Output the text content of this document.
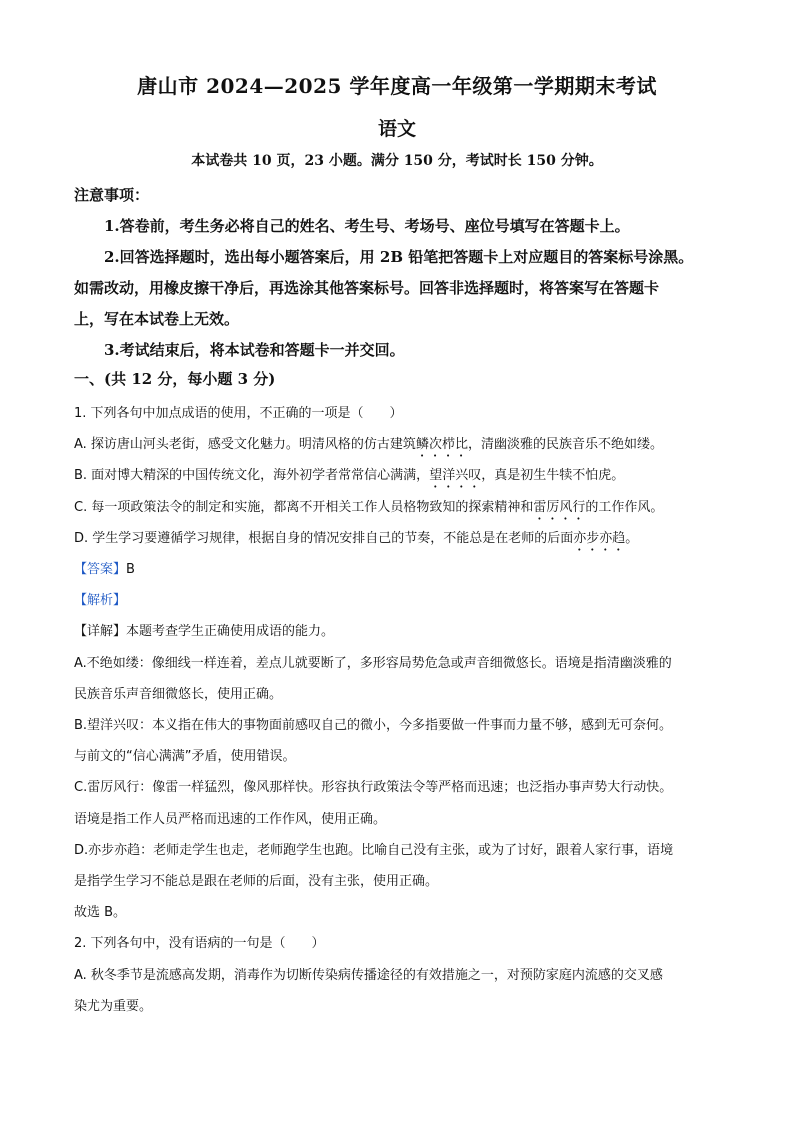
唐山市 2024—2025 学年度高一年级第一学期期末考试
语文
本试卷共 10 页，23 小题。满分 150 分，考试时长 150 分钟。

注意事项：

1.答卷前，考生务必将自己的姓名、考生号、考场号、座位号填写在答题卡上。

2.回答选择题时，选出每小题答案后，用 2B 铅笔把答题卡上对应题目的答案标号涂黑。

如需改动，用橡皮擦干净后，再选涂其他答案标号。回答非选择题时，将答案写在答题卡

上，写在本试卷上无效。

3.考试结束后，将本试卷和答题卡一并交回。

一、(共 12 分，每小题 3 分)

1. 下列各句中加点成语的使用，不正确的一项是（　　）

A. 探访唐山河头老街，感受文化魅力。明清风格的仿古建筑鳞次栉比，清幽淡雅的民族音乐不绝如缕。

B. 面对博大精深的中国传统文化，海外初学者常常信心满满，望洋兴叹，真是初生牛犊不怕虎。

C. 每一项政策法令的制定和实施，都离不开相关工作人员格物致知的探索精神和雷厉风行的工作作风。

D. 学生学习要遵循学习规律，根据自身的情况安排自己的节奏，不能总是在老师的后面亦步亦趋。

【答案】B

【解析】

【详解】本题考查学生正确使用成语的能力。

A.不绝如缕：像细线一样连着，差点儿就要断了，多形容局势危急或声音细微悠长。语境是指清幽淡雅的

民族音乐声音细微悠长，使用正确。

B.望洋兴叹：本义指在伟大的事物面前感叹自己的微小，今多指要做一件事而力量不够，感到无可奈何。

与前文的“信心满满”矛盾，使用错误。

C.雷厉风行：像雷一样猛烈，像风那样快。形容执行政策法令等严格而迅速；也泛指办事声势大行动快。

语境是指工作人员严格而迅速的工作作风，使用正确。

D.亦步亦趋：老师走学生也走，老师跑学生也跑。比喻自己没有主张，或为了讨好，跟着人家行事，语境

是指学生学习不能总是跟在老师的后面，没有主张，使用正确。

故选 B。

2. 下列各句中，没有语病的一句是（　　）

A. 秋冬季节是流感高发期，消毒作为切断传染病传播途径的有效措施之一，对预防家庭内流感的交叉感

染尤为重要。
